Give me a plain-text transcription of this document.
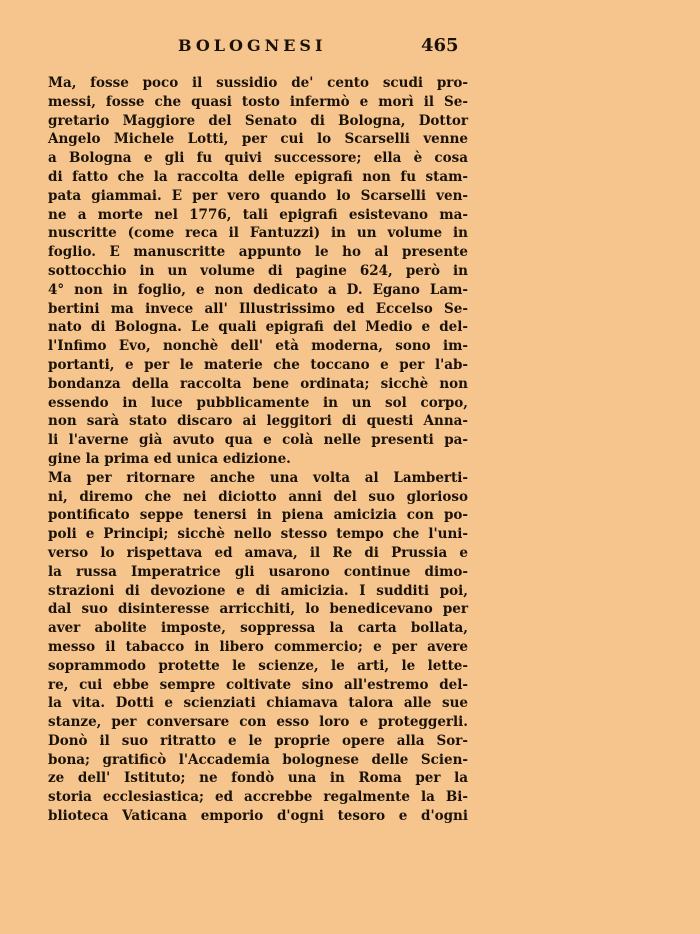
BOLOGNESI	465
Ma, fosse poco il sussidio de' cento scudi pro-
messi, fosse che quasi tosto infermò e morì il Se-
gretario Maggiore del Senato di Bologna, Dottor
Angelo Michele Lotti, per cui lo Scarselli venne
a Bologna e gli fu quivi successore; ella è cosa
di fatto che la raccolta delle epigrafi non fu stam-
pata giammai. E per vero quando lo Scarselli ven-
ne a morte nel 1776, tali epigrafi esistevano ma-
nuscritte (come reca il Fantuzzi) in un volume in
foglio. E manuscritte appunto le ho al presente
sottocchio in un volume di pagine 624, però in
4° non in foglio, e non dedicato a D. Egano Lam-
bertini ma invece all' Illustrissimo ed Eccelso Se-
nato di Bologna. Le quali epigrafi del Medio e del-
l'Infimo Evo, nonchè dell' età moderna, sono im-
portanti, e per le materie che toccano e per l'ab-
bondanza della raccolta bene ordinata; sicchè non
essendo in luce pubblicamente in un sol corpo,
non sarà stato discaro ai leggitori di questi Anna-
li l'averne già avuto qua e colà nelle presenti pa-
gine la prima ed unica edizione.
Ma per ritornare anche una volta al Lamberti-
ni, diremo che nei diciotto anni del suo glorioso
pontificato seppe tenersi in piena amicizia con po-
poli e Principi; sicchè nello stesso tempo che l'uni-
verso lo rispettava ed amava, il Re di Prussia e
la russa Imperatrice gli usarono continue dimo-
strazioni di devozione e di amicizia. I sudditi poi,
dal suo disinteresse arricchiti, lo benedicevano per
aver abolite imposte, soppressa la carta bollata,
messo il tabacco in libero commercio; e per avere
soprammodo protette le scienze, le arti, le lette-
re, cui ebbe sempre coltivate sino all'estremo del-
la vita. Dotti e scienziati chiamava talora alle sue
stanze, per conversare con esso loro e proteggerli.
Donò il suo ritratto e le proprie opere alla Sor-
bona; gratificò l'Accademia bolognese delle Scien-
ze dell' Istituto; ne fondò una in Roma per la
storia ecclesiastica; ed accrebbe regalmente la Bi-
blioteca Vaticana emporio d'ogni tesoro e d'ogni
